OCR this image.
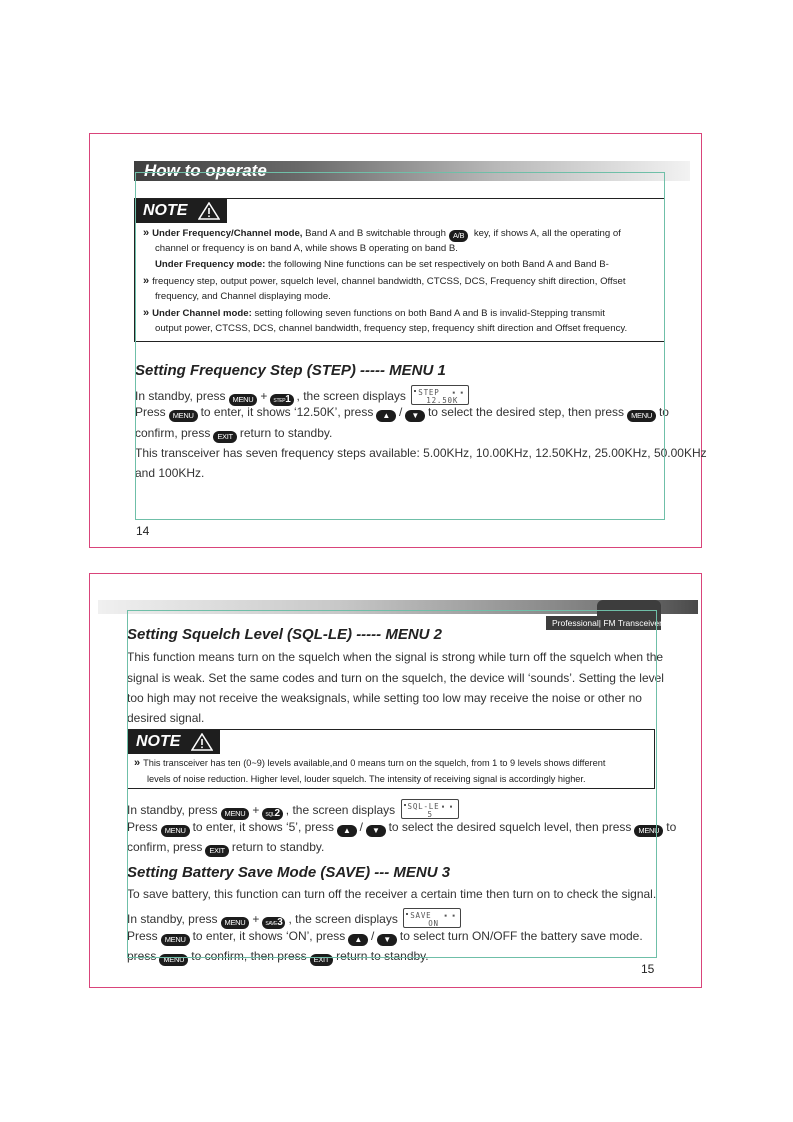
How to operate
NOTE
» Under Frequency/Channel mode, Band A and B switchable through A/B key, if shows A, all the operating of
channel or frequency is on band A, while shows B operating on band B.
Under Frequency mode: the following Nine functions can be set respectively on both Band A and Band B-
» frequency step, output power, squelch level, channel bandwidth, CTCSS, DCS, Frequency shift direction, Offset
frequency, and Channel displaying mode.
» Under Channel mode: setting following seven functions on both Band A and B is invalid-Stepping transmit
output power, CTCSS, DCS, channel bandwidth, frequency step, frequency shift direction and Offset frequency.
Setting Frequency Step (STEP) ----- MENU 1
In standby, press MENU + STEP1 , the screen displays STEP
12.50K
▪ ▪
Press MENU to enter, it shows ‘12.50K’, press ▲ / ▼ to select the desired step, then press MENU to
confirm, press EXIT return to standby.
This transceiver has seven frequency steps available: 5.00KHz, 10.00KHz, 12.50KHz, 25.00KHz, 50.00KHz
and 100KHz.
14
Professional| FM Transceiver
Setting Squelch Level (SQL-LE) ----- MENU 2
This function means turn on the squelch when the signal is strong while turn off the squelch when the
signal is weak. Set the same codes and turn on the squelch, the device will ‘sounds’. Setting the level
too high may not receive the weaksignals, while setting too low may receive the noise or other no
desired signal.
NOTE
» This transceiver has ten (0~9) levels available,and 0 means turn on the squelch, from 1 to 9 levels shows different
levels of noise reduction. Higher level, louder squelch. The intensity of receiving signal is accordingly higher.
In standby, press MENU + SQL2 , the screen displays SQL-LE
5
▪ ▪
Press MENU to enter, it shows ‘5’, press ▲ / ▼ to select the desired squelch level, then press MENU to
confirm, press EXIT return to standby.
Setting Battery Save Mode (SAVE) --- MENU 3
To save battery, this function can turn off the receiver a certain time then turn on to check the signal.
In standby, press MENU + SAVE3 , the screen displays SAVE
ON
▪ ▪
Press MENU to enter, it shows ‘ON’, press ▲ / ▼ to select turn ON/OFF the battery save mode.
press MENU to confirm, then press EXIT return to standby.
15
